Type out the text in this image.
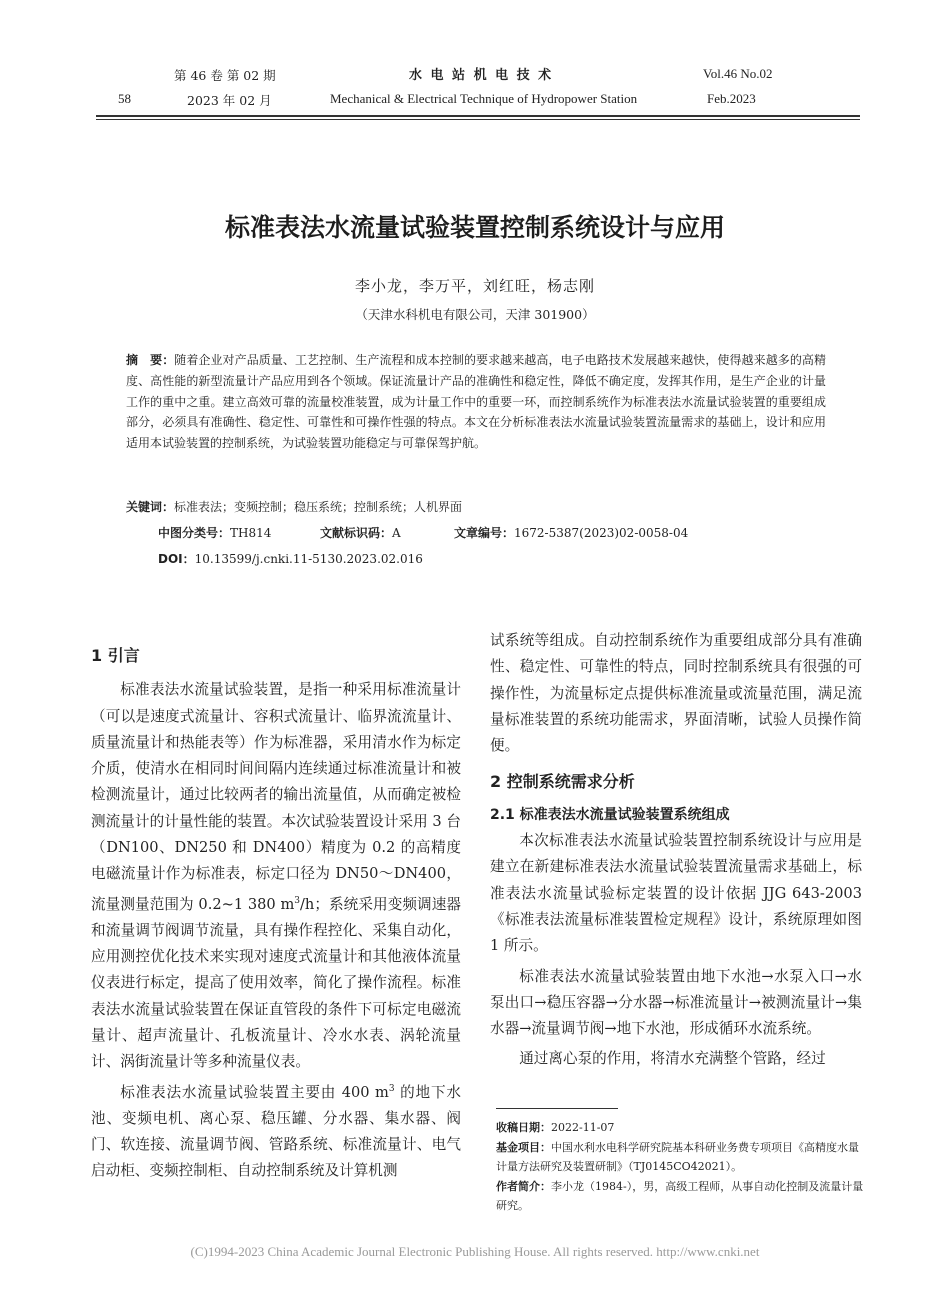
第 46 卷 第 02 期	水 电 站 机 电 技 术	Vol.46 No.02
58	2023 年 02 月	Mechanical & Electrical Technique of Hydropower Station	Feb.2023
标准表法水流量试验装置控制系统设计与应用
李小龙，李万平，刘红旺，杨志刚
（天津水科机电有限公司，天津 301900）
摘　要：随着企业对产品质量、工艺控制、生产流程和成本控制的要求越来越高，电子电路技术发展越来越快，使得越来越多的高精度、高性能的新型流量计产品应用到各个领域。保证流量计产品的准确性和稳定性，降低不确定度，发挥其作用，是生产企业的计量工作的重中之重。建立高效可靠的流量校准装置，成为计量工作中的重要一环，而控制系统作为标准表法水流量试验装置的重要组成部分，必须具有准确性、稳定性、可靠性和可操作性强的特点。本文在分析标准表法水流量试验装置流量需求的基础上，设计和应用适用本试验装置的控制系统，为试验装置功能稳定与可靠保驾护航。
关键词：标准表法；变频控制；稳压系统；控制系统；人机界面
中图分类号：TH814	文献标识码：A	文章编号：1672-5387(2023)02-0058-04
DOI：10.13599/j.cnki.11-5130.2023.02.016
1 引言

标准表法水流量试验装置，是指一种采用标准流量计（可以是速度式流量计、容积式流量计、临界流流量计、质量流量计和热能表等）作为标准器，采用清水作为标定介质，使清水在相同时间间隔内连续通过标准流量计和被检测流量计，通过比较两者的输出流量值，从而确定被检测流量计的计量性能的装置。本次试验装置设计采用 3 台（DN100、DN250 和 DN400）精度为 0.2 的高精度电磁流量计作为标准表，标定口径为 DN50～DN400，流量测量范围为 0.2~1 380 $m^3/h$；系统采用变频调速器和流量调节阀调节流量，具有操作程控化、采集自动化，应用测控优化技术来实现对速度式流量计和其他液体流量仪表进行标定，提高了使用效率，简化了操作流程。标准表法水流量试验装置在保证直管段的条件下可标定电磁流量计、超声流量计、孔板流量计、冷水水表、涡轮流量计、涡街流量计等多种流量仪表。

标准表法水流量试验装置主要由 400 $m^3$ 的地下水池、变频电机、离心泵、稳压罐、分水器、集水器、阀门、软连接、流量调节阀、管路系统、标准流量计、电气启动柜、变频控制柜、自动控制系统及计算机测

试系统等组成。自动控制系统作为重要组成部分具有准确性、稳定性、可靠性的特点，同时控制系统具有很强的可操作性，为流量标定点提供标准流量或流量范围，满足流量标准装置的系统功能需求，界面清晰，试验人员操作简便。
2 控制系统需求分析
2.1 标准表法水流量试验装置系统组成

本次标准表法水流量试验装置控制系统设计与应用是建立在新建标准表法水流量试验装置流量需求基础上，标准表法水流量试验标定装置的设计依据 JJG 643-2003《标准表法流量标准装置检定规程》设计，系统原理如图 1 所示。

标准表法水流量试验装置由地下水池→水泵入口→水泵出口→稳压容器→分水器→标准流量计→被测流量计→集水器→流量调节阀→地下水池，形成循环水流系统。

通过离心泵的作用，将清水充满整个管路，经过

收稿日期：2022-11-07
基金项目：中国水利水电科学研究院基本科研业务费专项项目《高精度水量计量方法研究及装置研制》（TJ0145CO42021）。
作者简介：李小龙（1984-），男，高级工程师，从事自动化控制及流量计量研究。
(C)1994-2023 China Academic Journal Electronic Publishing House. All rights reserved. http://www.cnki.net
